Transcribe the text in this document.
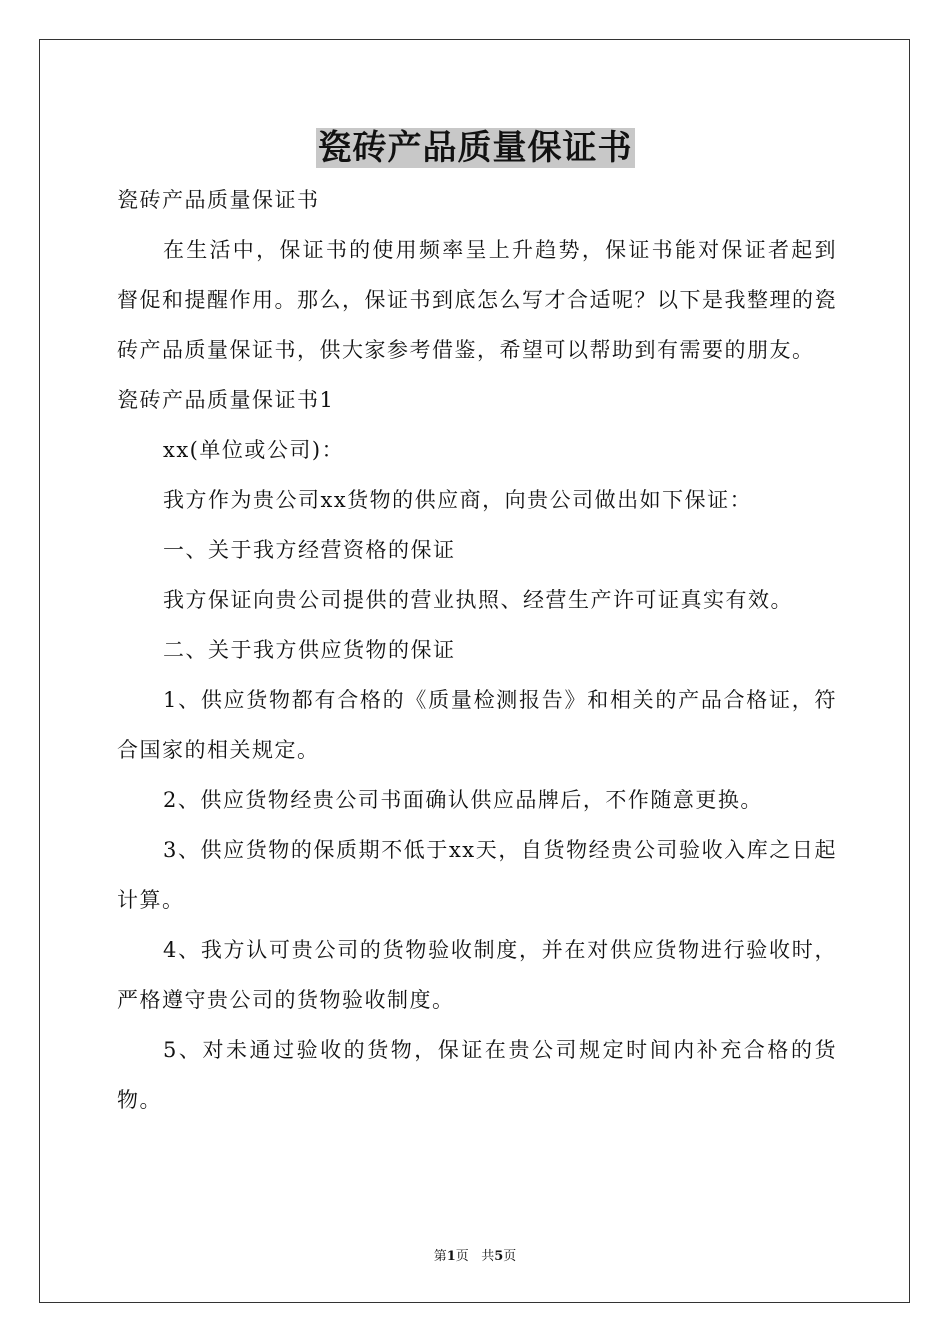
瓷砖产品质量保证书

瓷砖产品质量保证书

在生活中，保证书的使用频率呈上升趋势，保证书能对保证者起到督促和提醒作用。那么，保证书到底怎么写才合适呢？以下是我整理的瓷砖产品质量保证书，供大家参考借鉴，希望可以帮助到有需要的朋友。

瓷砖产品质量保证书1

xx(单位或公司)：

我方作为贵公司xx货物的供应商，向贵公司做出如下保证：

一、关于我方经营资格的保证

我方保证向贵公司提供的营业执照、经营生产许可证真实有效。

二、关于我方供应货物的保证

1、供应货物都有合格的《质量检测报告》和相关的产品合格证，符合国家的相关规定。

2、供应货物经贵公司书面确认供应品牌后，不作随意更换。

3、供应货物的保质期不低于xx天，自货物经贵公司验收入库之日起计算。

4、我方认可贵公司的货物验收制度，并在对供应货物进行验收时，严格遵守贵公司的货物验收制度。

5、对未通过验收的货物，保证在贵公司规定时间内补充合格的货物。

第1页 共5页
